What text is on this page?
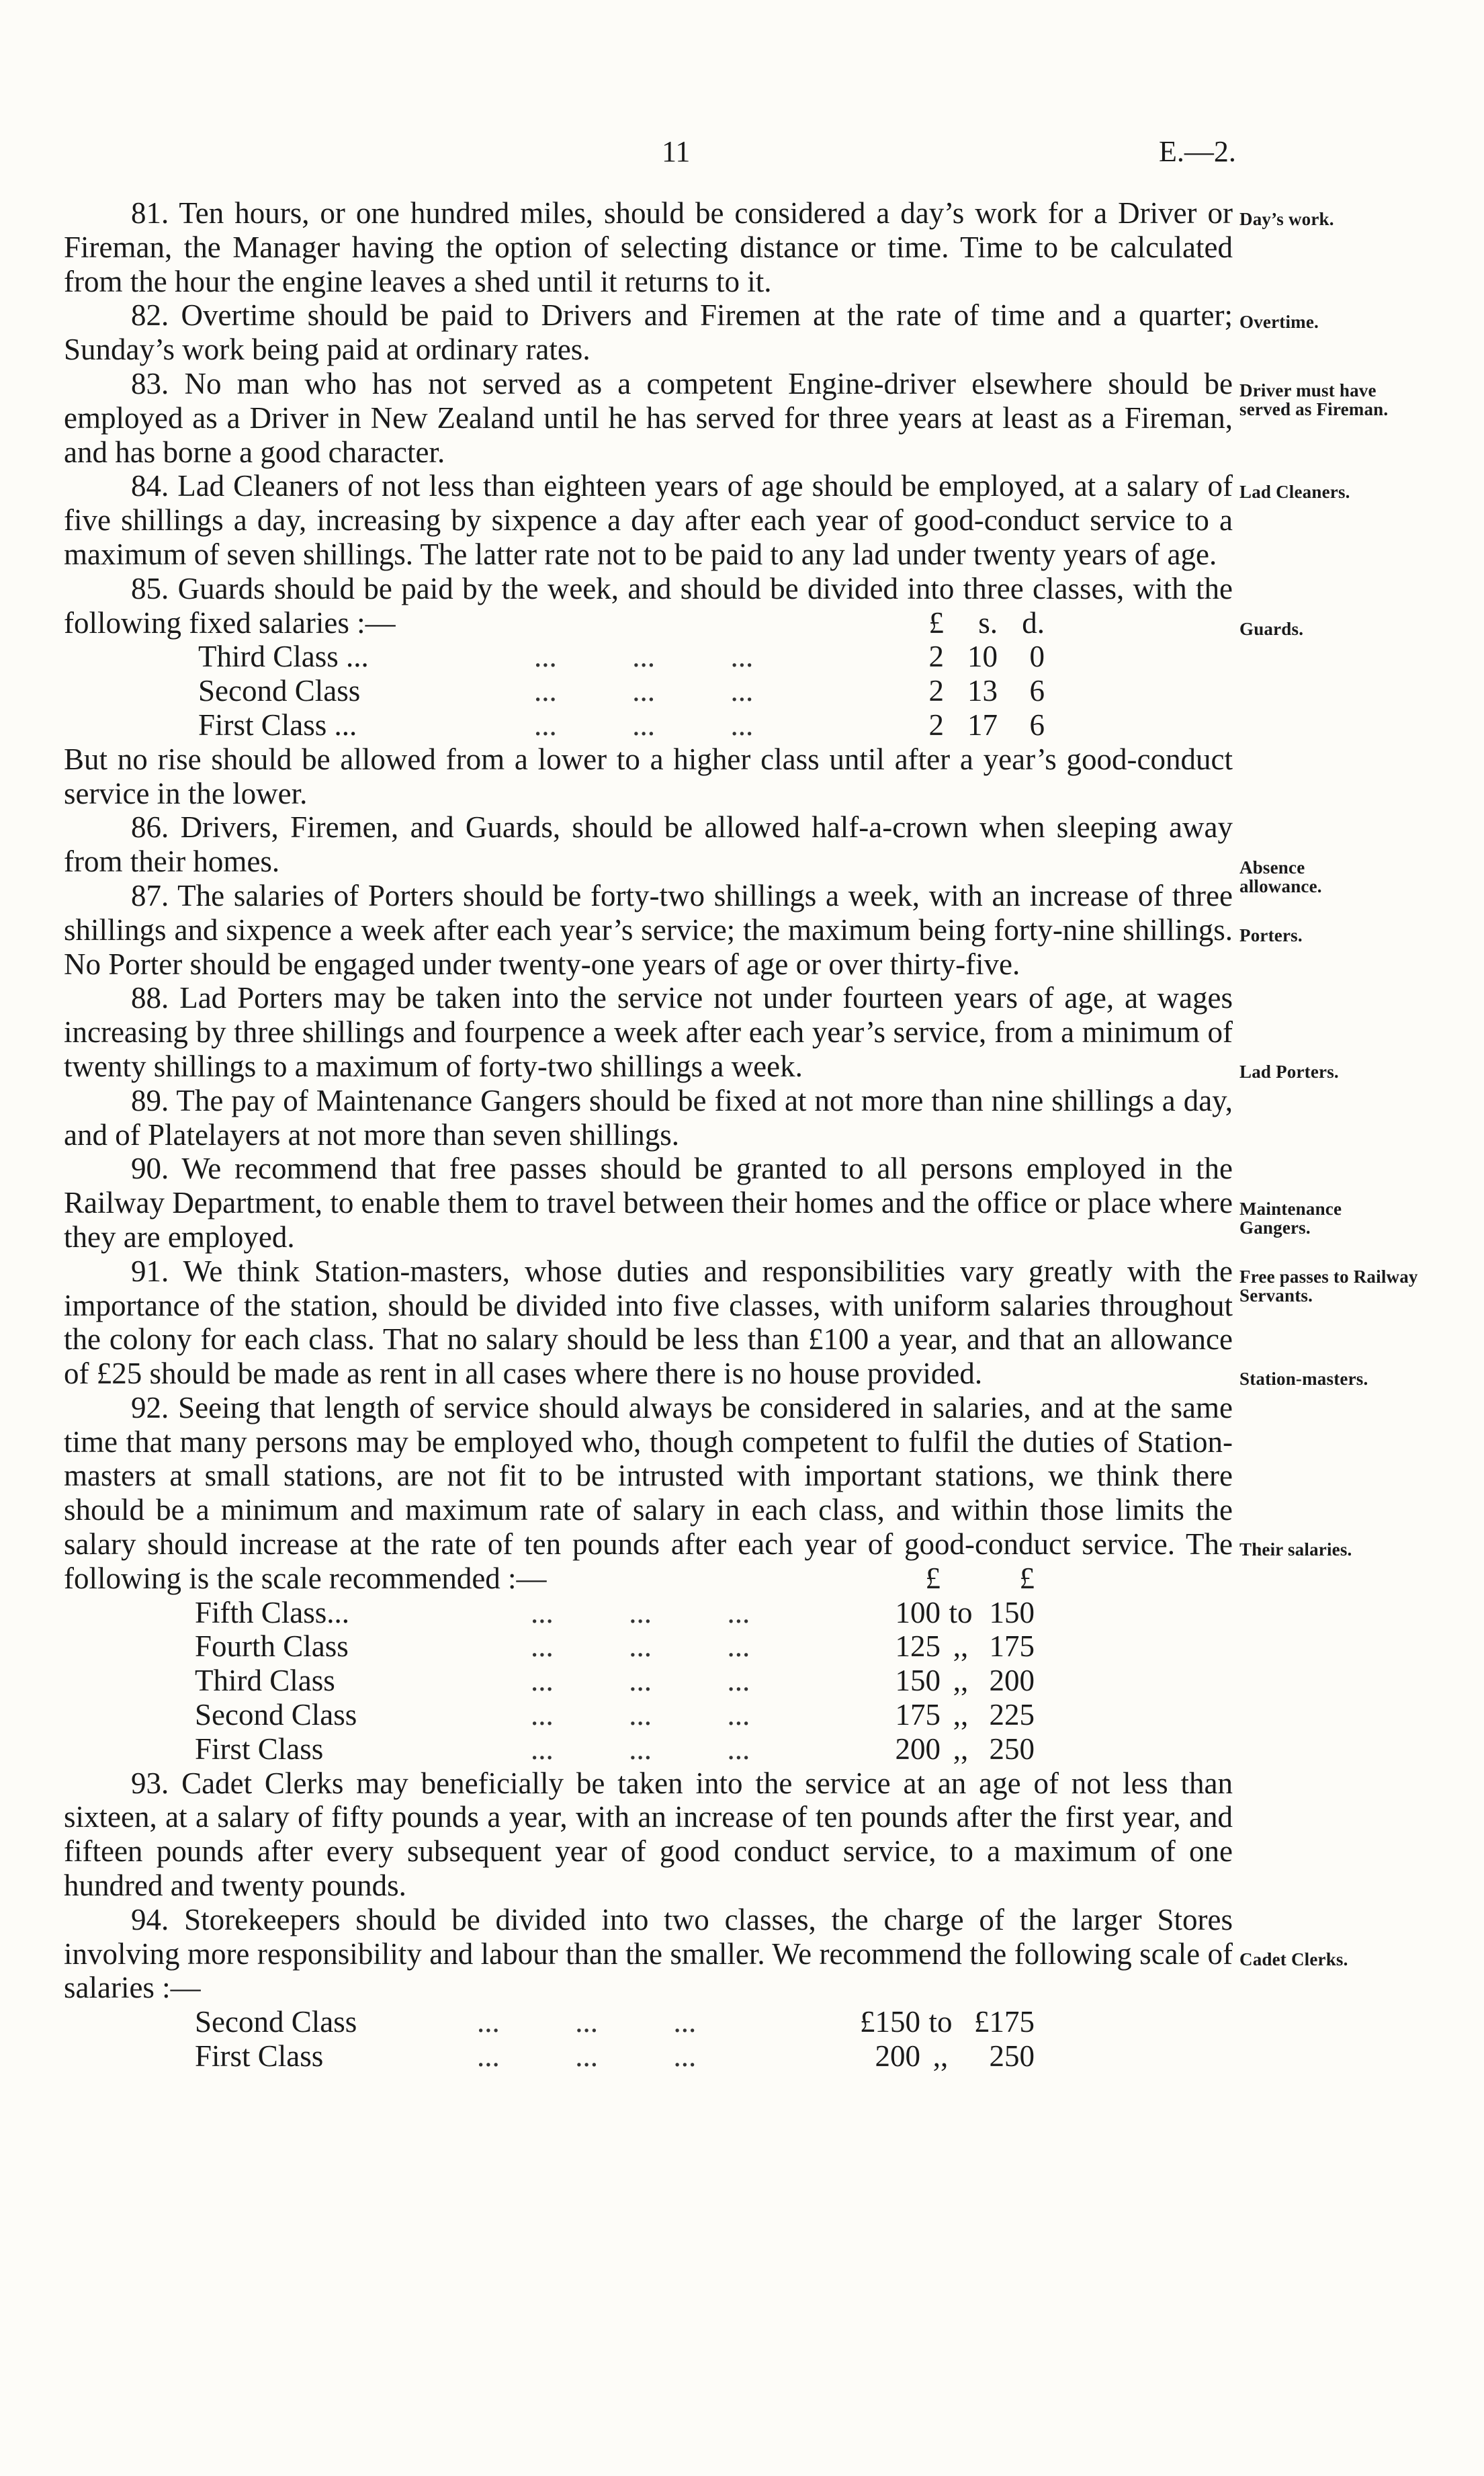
11	E.—2.

81. Ten hours, or one hundred miles, should be considered a day’s work for a Driver or Fireman, the Manager having the option of selecting distance or time. Time to be calculated from the hour the engine leaves a shed until it returns to it.

82. Overtime should be paid to Drivers and Firemen at the rate of time and a quarter; Sunday’s work being paid at ordinary rates.

83. No man who has not served as a competent Engine-driver elsewhere should be employed as a Driver in New Zealand until he has served for three years at least as a Fireman, and has borne a good character.

84. Lad Cleaners of not less than eighteen years of age should be employed, at a salary of five shillings a day, increasing by sixpence a day after each year of good-conduct service to a maximum of seven shillings. The latter rate not to be paid to any lad under twenty years of age.

85. Guards should be paid by the week, and should be divided into three classes, with the following fixed salaries :—

		£	s.	d.
Third Class ... ...          ...          ...	2	10	0
Second Class ...          ...          ...	2	13	6
First Class ... ...          ...          ...	2	17	6

But no rise should be allowed from a lower to a higher class until after a year’s good-conduct service in the lower.

86. Drivers, Firemen, and Guards, should be allowed half-a-crown when sleeping away from their homes.

87. The salaries of Porters should be forty-two shillings a week, with an increase of three shillings and sixpence a week after each year’s service; the maximum being forty-nine shillings. No Porter should be engaged under twenty-one years of age or over thirty-five.

88. Lad Porters may be taken into the service not under fourteen years of age, at wages increasing by three shillings and fourpence a week after each year’s service, from a minimum of twenty shillings to a maximum of forty-two shillings a week.

89. The pay of Maintenance Gangers should be fixed at not more than nine shillings a day, and of Platelayers at not more than seven shillings.

90. We recommend that free passes should be granted to all persons employed in the Railway Department, to enable them to travel between their homes and the office or place where they are employed.

91. We think Station-masters, whose duties and responsibilities vary greatly with the importance of the station, should be divided into five classes, with uniform salaries throughout the colony for each class. That no salary should be less than £100 a year, and that an allowance of £25 should be made as rent in all cases where there is no house provided.

92. Seeing that length of service should always be considered in salaries, and at the same time that many persons may be employed who, though competent to fulfil the duties of Station-masters at small stations, are not fit to be intrusted with important stations, we think there should be a minimum and maximum rate of salary in each class, and within those limits the salary should increase at the rate of ten pounds after each year of good-conduct service. The following is the scale recommended :—

		£		£
Fifth Class... ...          ...          ...	100	to	150
Fourth Class ...          ...          ...	125	,,	175
Third Class ...          ...          ...	150	,,	200
Second Class ...          ...          ...	175	,,	225
First Class ...          ...          ...	200	,,	250

93. Cadet Clerks may beneficially be taken into the service at an age of not less than sixteen, at a salary of fifty pounds a year, with an increase of ten pounds after the first year, and fifteen pounds after every subsequent year of good conduct service, to a maximum of one hundred and twenty pounds.

94. Storekeepers should be divided into two classes, the charge of the larger Stores involving more responsibility and labour than the smaller. We recommend the following scale of salaries :—

Second Class ...          ...          ...	£150	to	£175
First Class ...          ...          ...	200	,,	250
Day’s work.
Overtime.
Driver must have served as Fireman.
Lad Cleaners.
Guards.
Absence allowance.
Porters.
Lad Porters.
Maintenance Gangers.
Free passes to Railway Servants.
Station-masters.
Their salaries.
Cadet Clerks.
